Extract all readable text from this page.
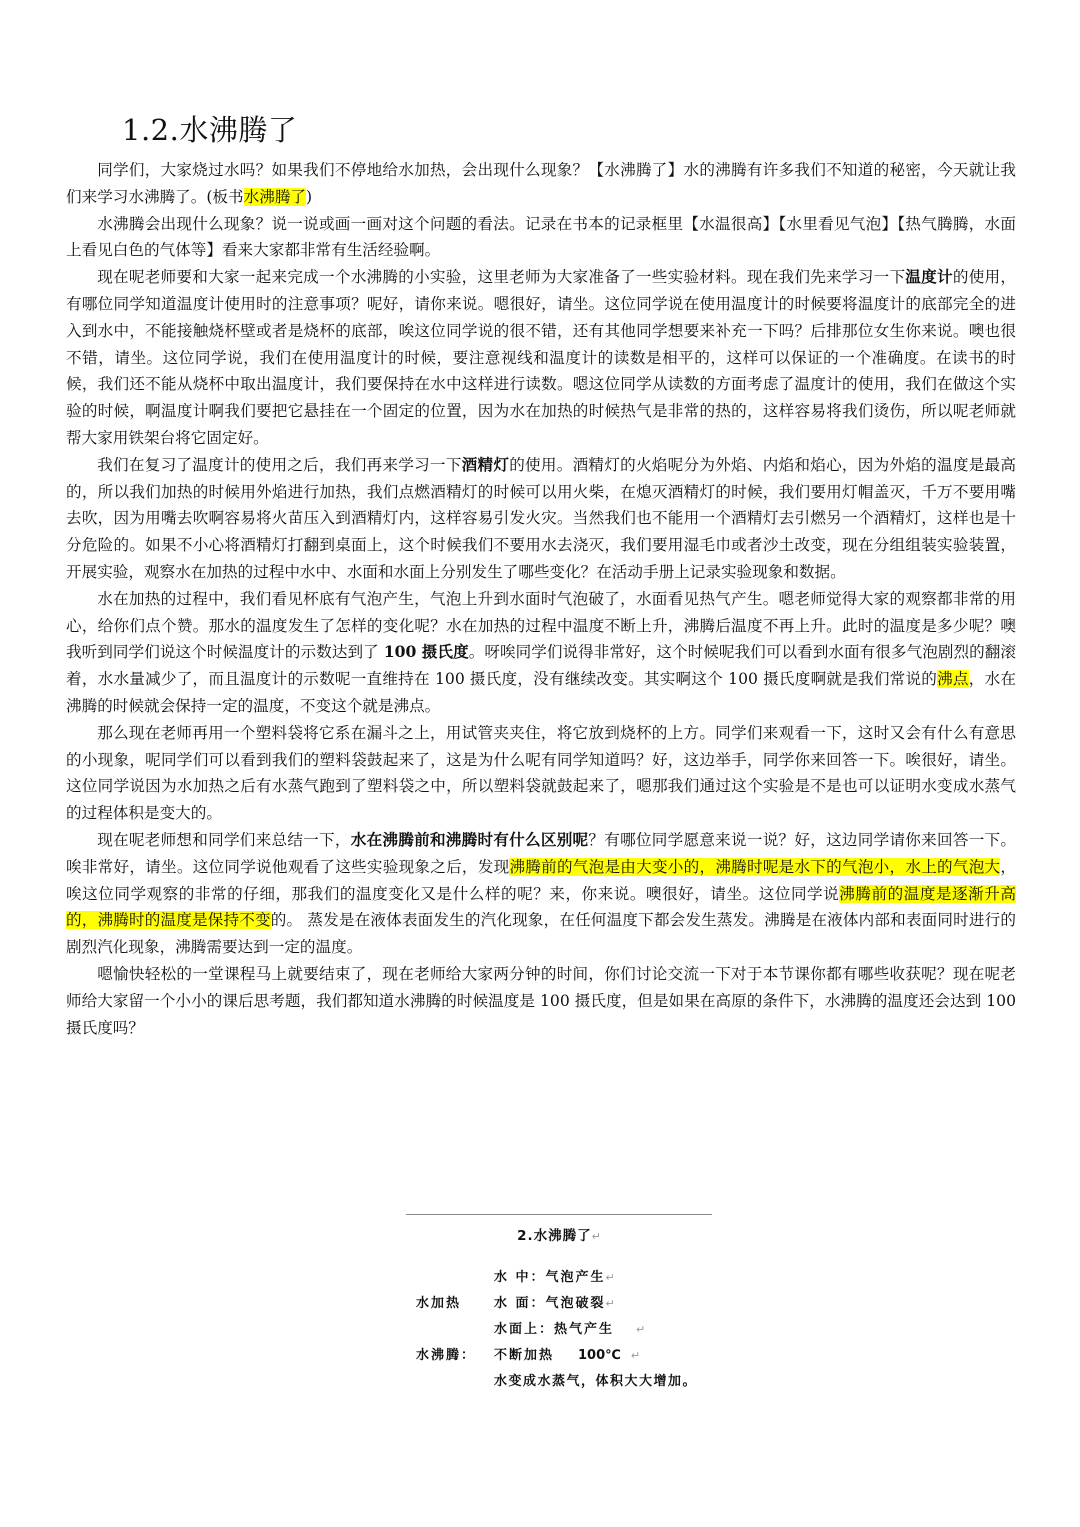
1.2.水沸腾了

同学们，大家烧过水吗？如果我们不停地给水加热，会出现什么现象？【水沸腾了】水的沸腾有许多我们不知道的秘密，今天就让我们来学习水沸腾了。(板书水沸腾了)

水沸腾会出现什么现象？说一说或画一画对这个问题的看法。记录在书本的记录框里【水温很高】【水里看见气泡】【热气腾腾，水面上看见白色的气体等】看来大家都非常有生活经验啊。

现在呢老师要和大家一起来完成一个水沸腾的小实验，这里老师为大家准备了一些实验材料。现在我们先来学习一下温度计的使用，有哪位同学知道温度计使用时的注意事项？呢好，请你来说。嗯很好，请坐。这位同学说在使用温度计的时候要将温度计的底部完全的进入到水中，不能接触烧杯壁或者是烧杯的底部，唉这位同学说的很不错，还有其他同学想要来补充一下吗？后排那位女生你来说。噢也很不错，请坐。这位同学说，我们在使用温度计的时候，要注意视线和温度计的读数是相平的，这样可以保证的一个准确度。在读书的时候，我们还不能从烧杯中取出温度计，我们要保持在水中这样进行读数。嗯这位同学从读数的方面考虑了温度计的使用，我们在做这个实验的时候，啊温度计啊我们要把它悬挂在一个固定的位置，因为水在加热的时候热气是非常的热的，这样容易将我们烫伤，所以呢老师就帮大家用铁架台将它固定好。

我们在复习了温度计的使用之后，我们再来学习一下酒精灯的使用。酒精灯的火焰呢分为外焰、内焰和焰心，因为外焰的温度是最高的，所以我们加热的时候用外焰进行加热，我们点燃酒精灯的时候可以用火柴，在熄灭酒精灯的时候，我们要用灯帽盖灭，千万不要用嘴去吹，因为用嘴去吹啊容易将火苗压入到酒精灯内，这样容易引发火灾。当然我们也不能用一个酒精灯去引燃另一个酒精灯，这样也是十分危险的。如果不小心将酒精灯打翻到桌面上，这个时候我们不要用水去浇灭，我们要用湿毛巾或者沙土改变，现在分组组装实验装置，开展实验，观察水在加热的过程中水中、水面和水面上分别发生了哪些变化？在活动手册上记录实验现象和数据。

水在加热的过程中，我们看见杯底有气泡产生，气泡上升到水面时气泡破了，水面看见热气产生。嗯老师觉得大家的观察都非常的用心，给你们点个赞。那水的温度发生了怎样的变化呢？水在加热的过程中温度不断上升，沸腾后温度不再上升。此时的温度是多少呢？噢我听到同学们说这个时候温度计的示数达到了 100 摄氏度。呀唉同学们说得非常好，这个时候呢我们可以看到水面有很多气泡剧烈的翻滚着，水水量减少了，而且温度计的示数呢一直维持在 100 摄氏度，没有继续改变。其实啊这个 100 摄氏度啊就是我们常说的沸点，水在沸腾的时候就会保持一定的温度，不变这个就是沸点。

那么现在老师再用一个塑料袋将它系在漏斗之上，用试管夹夹住，将它放到烧杯的上方。同学们来观看一下，这时又会有什么有意思的小现象，呢同学们可以看到我们的塑料袋鼓起来了，这是为什么呢有同学知道吗？好，这边举手，同学你来回答一下。唉很好，请坐。这位同学说因为水加热之后有水蒸气跑到了塑料袋之中，所以塑料袋就鼓起来了，嗯那我们通过这个实验是不是也可以证明水变成水蒸气的过程体积是变大的。

现在呢老师想和同学们来总结一下，水在沸腾前和沸腾时有什么区别呢？有哪位同学愿意来说一说？好，这边同学请你来回答一下。唉非常好，请坐。这位同学说他观看了这些实验现象之后，发现沸腾前的气泡是由大变小的，沸腾时呢是水下的气泡小，水上的气泡大，唉这位同学观察的非常的仔细，那我们的温度变化又是什么样的呢？来，你来说。噢很好，请坐。这位同学说沸腾前的温度是逐渐升高的，沸腾时的温度是保持不变的。 蒸发是在液体表面发生的汽化现象，在任何温度下都会发生蒸发。沸腾是在液体内部和表面同时进行的剧烈汽化现象，沸腾需要达到一定的温度。

嗯愉快轻松的一堂课程马上就要结束了，现在老师给大家两分钟的时间，你们讨论交流一下对于本节课你都有哪些收获呢？现在呢老师给大家留一个小小的课后思考题，我们都知道水沸腾的时候温度是 100 摄氏度，但是如果在高原的条件下，水沸腾的温度还会达到 100 摄氏度吗？

2.水沸腾了↵
水 中：气泡产生↵
水加热	水 面：气泡破裂↵
水面上：热气产生 ↵
水沸腾： 不断加热 100℃ ↵
水变成水蒸气，体积大大增加。
